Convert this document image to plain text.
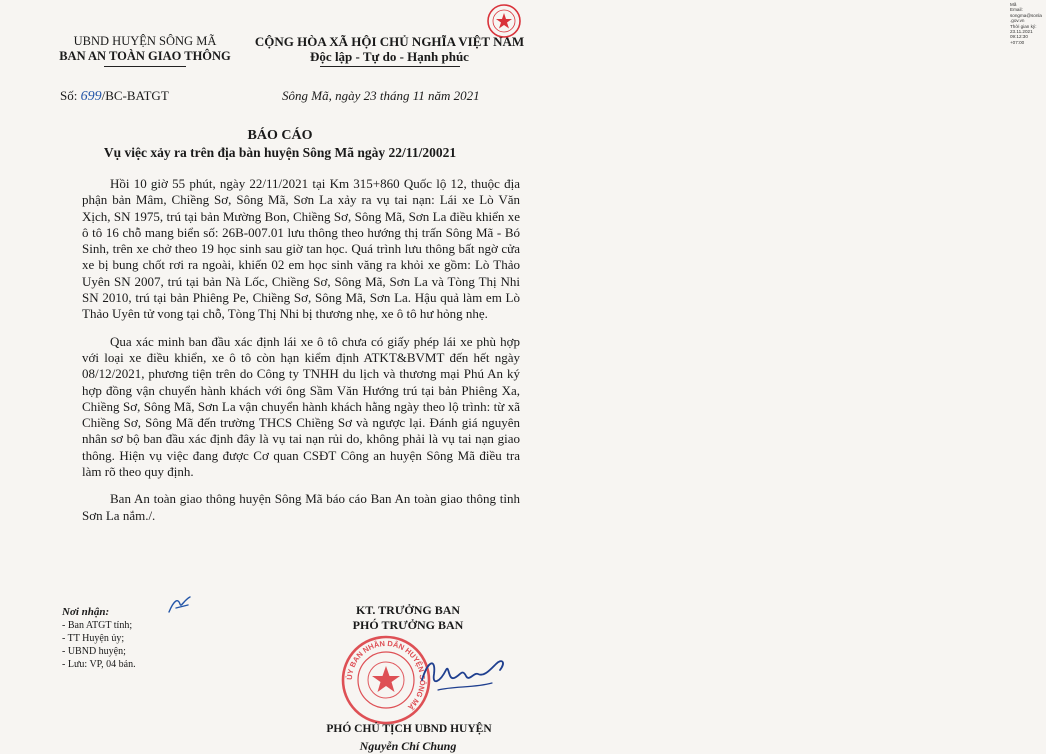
UBND HUYỆN SÔNG MÃ
BAN AN TOÀN GIAO THÔNG
CỘNG HÒA XÃ HỘI CHỦ NGHĨA VIỆT NAM
Độc lập - Tự do - Hạnh phúc
Mã
Email:
songma@sonla
.gov.vn
Thời gian ký:
23.11.2021
09:12:30
+07:00
Số: 699/BC-BATGT	Sông Mã, ngày 23 tháng 11 năm 2021
BÁO CÁO
Vụ việc xảy ra trên địa bàn huyện Sông Mã ngày 22/11/20021

Hồi 10 giờ 55 phút, ngày 22/11/2021 tại Km 315+860 Quốc lộ 12, thuộc địa phận bản Mâm, Chiềng Sơ, Sông Mã, Sơn La xảy ra vụ tai nạn: Lái xe Lò Văn Xịch, SN 1975, trú tại bản Mường Bon, Chiềng Sơ, Sông Mã, Sơn La điều khiển xe ô tô 16 chỗ mang biển số: 26B-007.01 lưu thông theo hướng thị trấn Sông Mã - Bó Sinh, trên xe chở theo 19 học sinh sau giờ tan học. Quá trình lưu thông bất ngờ cửa xe bị bung chốt rơi ra ngoài, khiến 02 em học sinh văng ra khỏi xe gồm: Lò Thảo Uyên SN 2007, trú tại bản Nà Lốc, Chiềng Sơ, Sông Mã, Sơn La và Tòng Thị Nhi SN 2010, trú tại bản Phiêng Pe, Chiềng Sơ, Sông Mã, Sơn La. Hậu quả làm em Lò Thảo Uyên tử vong tại chỗ, Tòng Thị Nhi bị thương nhẹ, xe ô tô hư hỏng nhẹ.

Qua xác minh ban đầu xác định lái xe ô tô chưa có giấy phép lái xe phù hợp với loại xe điều khiển, xe ô tô còn hạn kiểm định ATKT&BVMT đến hết ngày 08/12/2021, phương tiện trên do Công ty TNHH du lịch và thương mại Phú An ký hợp đồng vận chuyển hành khách với ông Sầm Văn Hướng trú tại bản Phiêng Xa, Chiềng Sơ, Sông Mã, Sơn La vận chuyển hành khách hằng ngày theo lộ trình: từ xã Chiềng Sơ, Sông Mã đến trường THCS Chiềng Sơ và ngược lại. Đánh giá nguyên nhân sơ bộ ban đầu xác định đây là vụ tai nạn rủi do, không phải là vụ tai nạn giao thông. Hiện vụ việc đang được Cơ quan CSĐT Công an huyện Sông Mã điều tra làm rõ theo quy định.

Ban An toàn giao thông huyện Sông Mã báo cáo Ban An toàn giao thông tỉnh Sơn La nắm./.

Nơi nhận:
- Ban ATGT tỉnh;
- TT Huyện ủy;
- UBND huyện;
- Lưu: VP, 04 bản.
ỦY BAN NHÂN DÂN HUYỆN SÔNG MÃ
KT. TRƯỞNG BAN
PHÓ TRƯỞNG BAN
PHÓ CHỦ TỊCH UBND HUYỆN
Nguyễn Chí Chung
